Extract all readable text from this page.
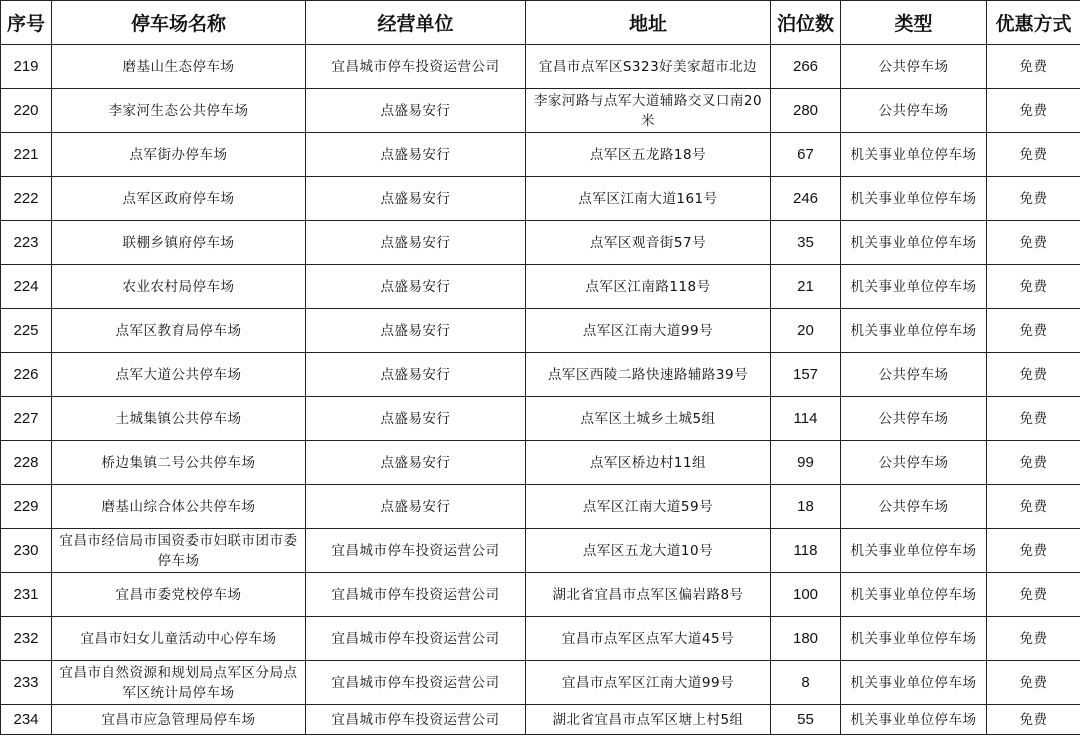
序号	停车场名称	经营单位	地址	泊位数	类型	优惠方式
219	磨基山生态停车场	宜昌城市停车投资运营公司	宜昌市点军区S323好美家超市北边	266	公共停车场	免费
220	李家河生态公共停车场	点盛易安行	李家河路与点军大道辅路交叉口南20米	280	公共停车场	免费
221	点军街办停车场	点盛易安行	点军区五龙路18号	67	机关事业单位停车场	免费
222	点军区政府停车场	点盛易安行	点军区江南大道161号	246	机关事业单位停车场	免费
223	联棚乡镇府停车场	点盛易安行	点军区观音街57号	35	机关事业单位停车场	免费
224	农业农村局停车场	点盛易安行	点军区江南路118号	21	机关事业单位停车场	免费
225	点军区教育局停车场	点盛易安行	点军区江南大道99号	20	机关事业单位停车场	免费
226	点军大道公共停车场	点盛易安行	点军区西陵二路快速路辅路39号	157	公共停车场	免费
227	土城集镇公共停车场	点盛易安行	点军区土城乡土城5组	114	公共停车场	免费
228	桥边集镇二号公共停车场	点盛易安行	点军区桥边村11组	99	公共停车场	免费
229	磨基山综合体公共停车场	点盛易安行	点军区江南大道59号	18	公共停车场	免费
230	宜昌市经信局市国资委市妇联市团市委停车场	宜昌城市停车投资运营公司	点军区五龙大道10号	118	机关事业单位停车场	免费
231	宜昌市委党校停车场	宜昌城市停车投资运营公司	湖北省宜昌市点军区偏岩路8号	100	机关事业单位停车场	免费
232	宜昌市妇女儿童活动中心停车场	宜昌城市停车投资运营公司	宜昌市点军区点军大道45号	180	机关事业单位停车场	免费
233	宜昌市自然资源和规划局点军区分局点军区统计局停车场	宜昌城市停车投资运营公司	宜昌市点军区江南大道99号	8	机关事业单位停车场	免费
234	宜昌市应急管理局停车场	宜昌城市停车投资运营公司	湖北省宜昌市点军区塘上村5组	55	机关事业单位停车场	免费
